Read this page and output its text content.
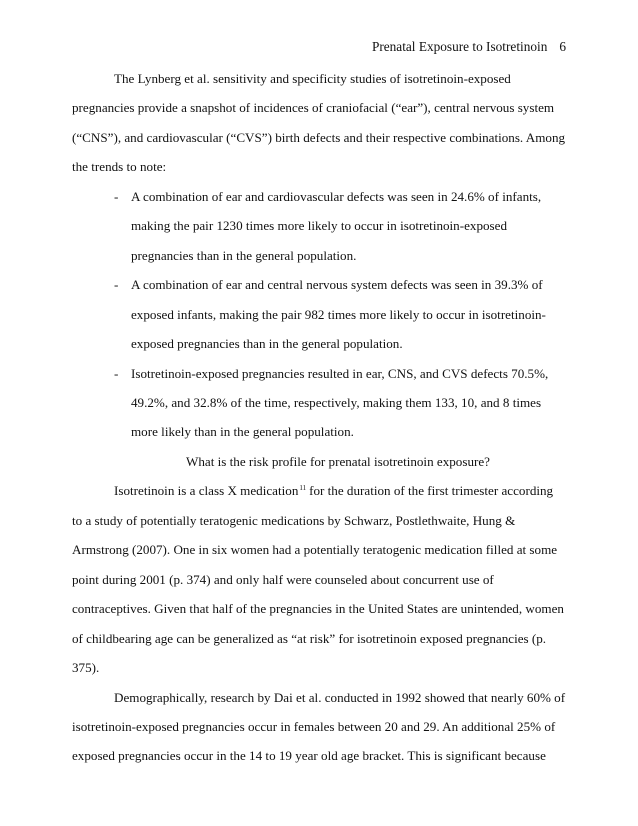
Prenatal Exposure to Isotretinoin 6

The Lynberg et al. sensitivity and specificity studies of isotretinoin-exposed pregnancies provide a snapshot of incidences of craniofacial (“ear”), central nervous system (“CNS”), and cardiovascular (“CVS”) birth defects and their respective combinations. Among the trends to note:

- A combination of ear and cardiovascular defects was seen in 24.6% of infants, making the pair 1230 times more likely to occur in isotretinoin-exposed pregnancies than in the general population.
- A combination of ear and central nervous system defects was seen in 39.3% of exposed infants, making the pair 982 times more likely to occur in isotretinoin-exposed pregnancies than in the general population.
- Isotretinoin-exposed pregnancies resulted in ear, CNS, and CVS defects 70.5%, 49.2%, and 32.8% of the time, respectively, making them 133, 10, and 8 times more likely than in the general population.

What is the risk profile for prenatal isotretinoin exposure?

Isotretinoin is a class X medication$^{11}$ for the duration of the first trimester according to a study of potentially teratogenic medications by Schwarz, Postlethwaite, Hung & Armstrong (2007). One in six women had a potentially teratogenic medication filled at some point during 2001 (p. 374) and only half were counseled about concurrent use of contraceptives. Given that half of the pregnancies in the United States are unintended, women of childbearing age can be generalized as “at risk” for isotretinoin exposed pregnancies (p. 375).

Demographically, research by Dai et al. conducted in 1992 showed that nearly 60% of isotretinoin-exposed pregnancies occur in females between 20 and 29. An additional 25% of exposed pregnancies occur in the 14 to 19 year old age bracket. This is significant because
